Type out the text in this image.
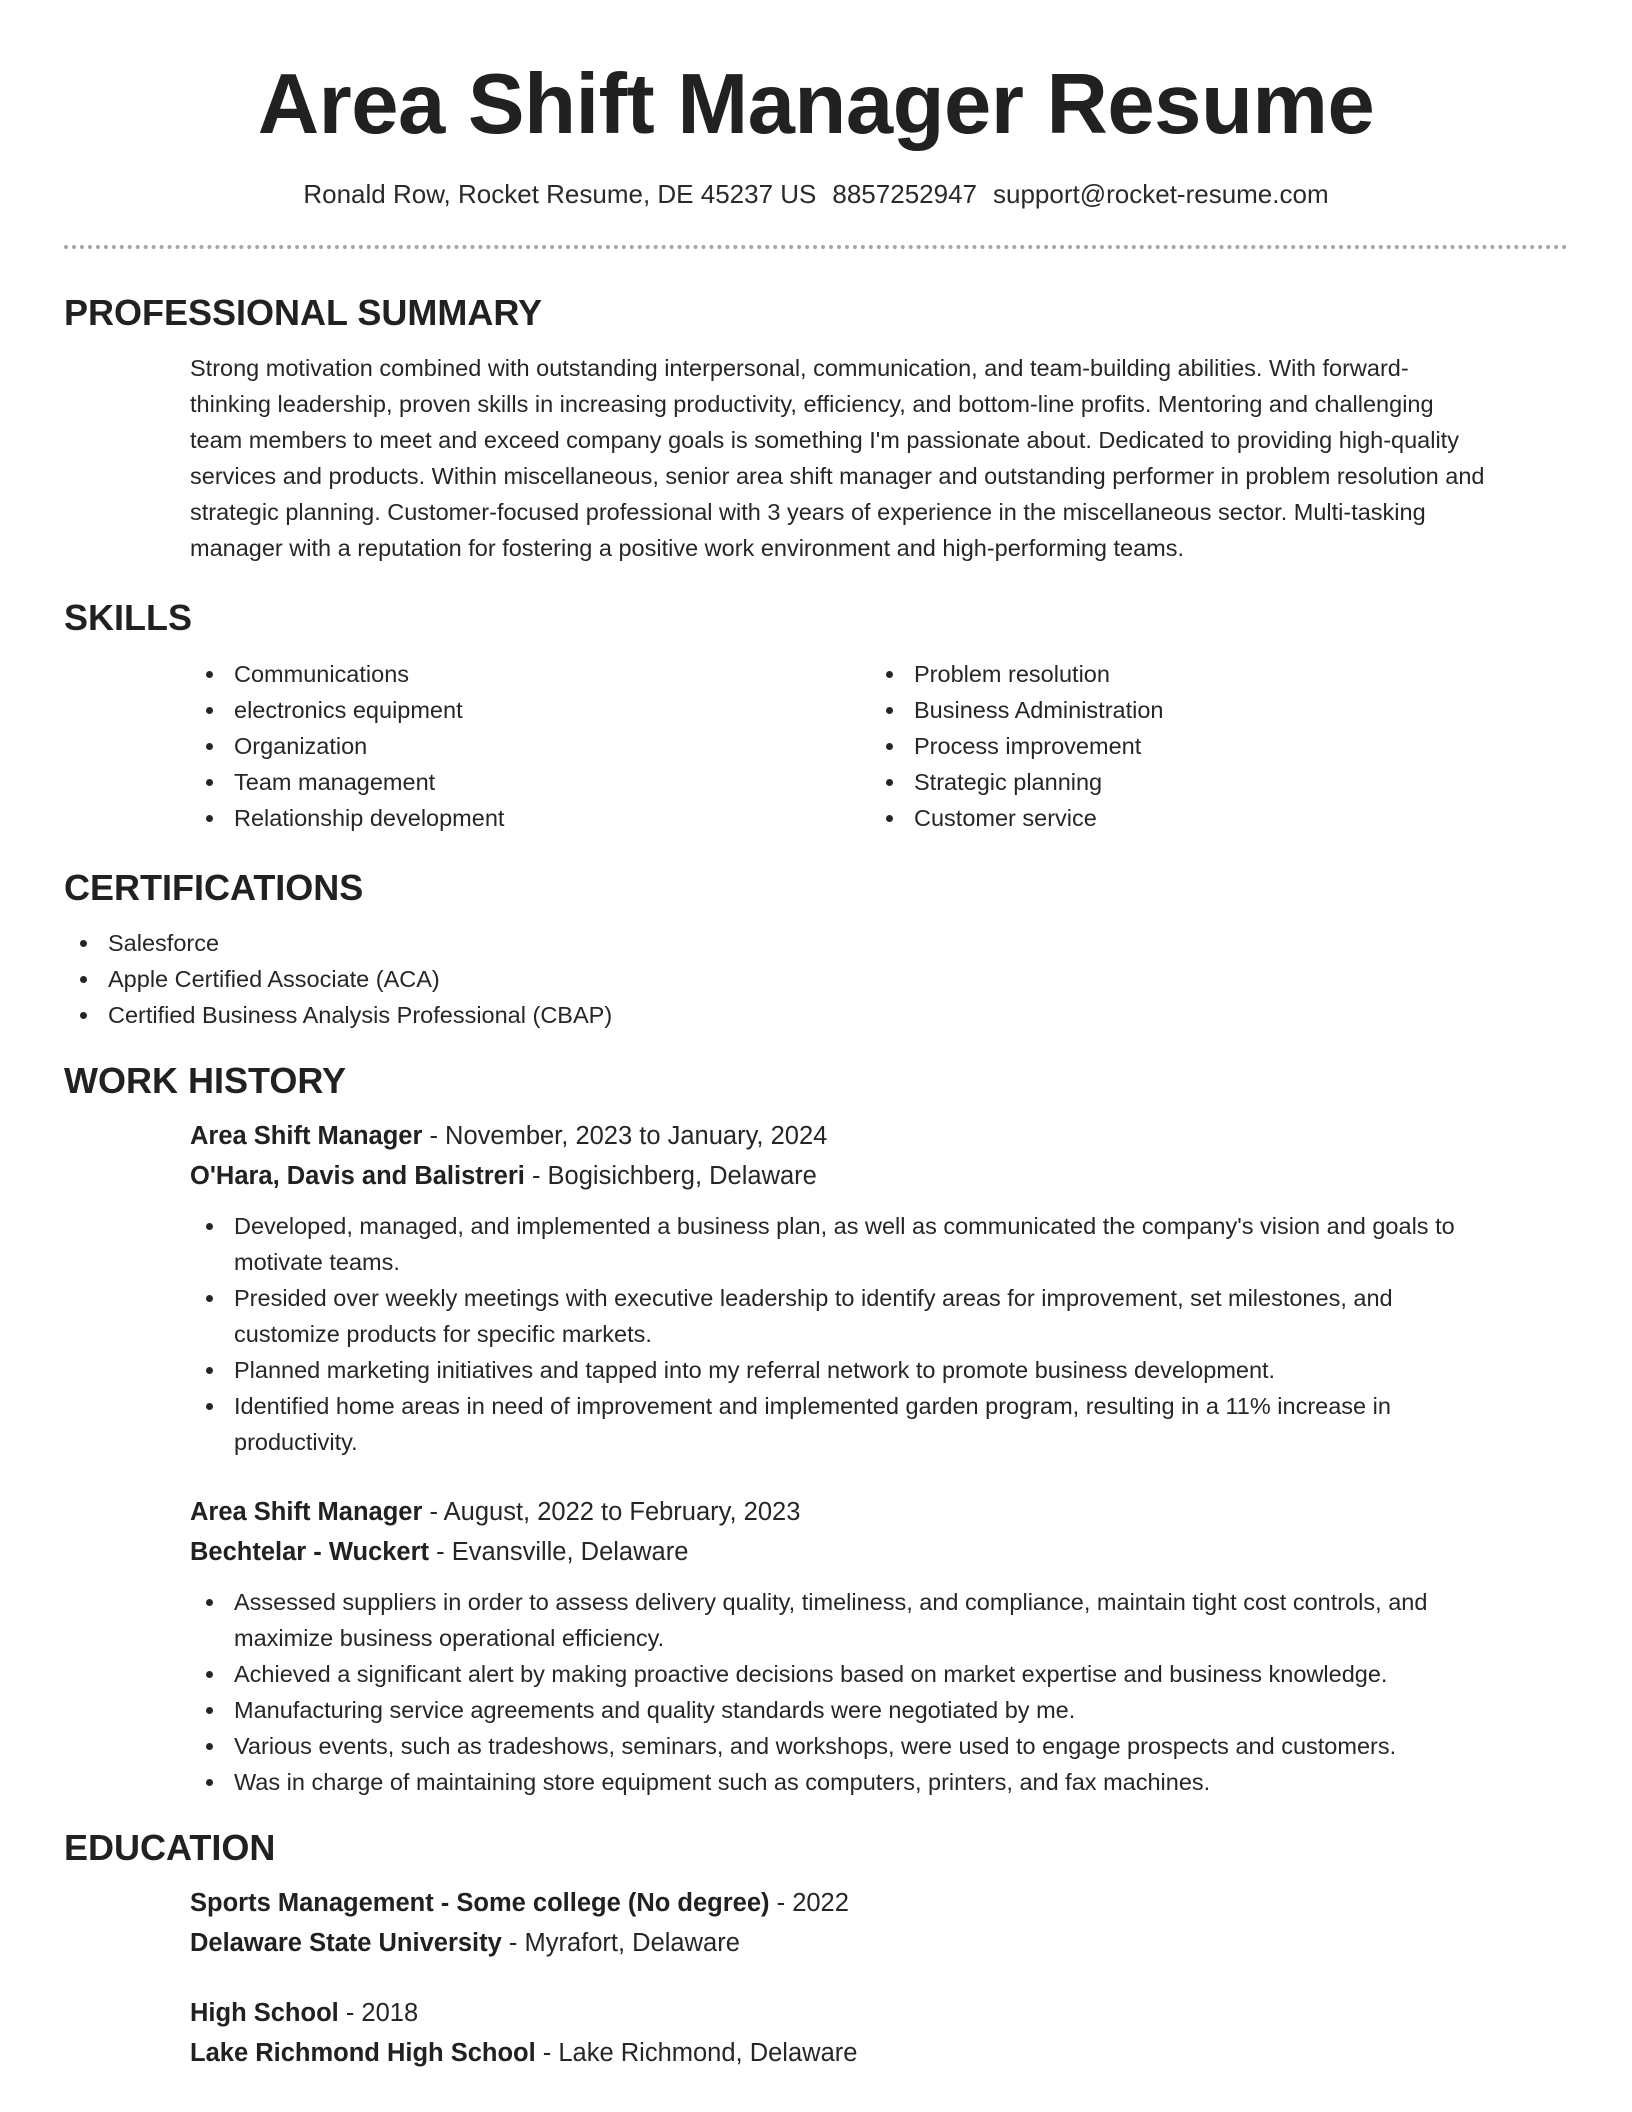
Area Shift Manager Resume
Ronald Row, Rocket Resume, DE 45237 US 8857252947 support@rocket-resume.com
PROFESSIONAL SUMMARY
Strong motivation combined with outstanding interpersonal, communication, and team-building abilities. With forward-
thinking leadership, proven skills in increasing productivity, efficiency, and bottom-line profits. Mentoring and challenging
team members to meet and exceed company goals is something I'm passionate about. Dedicated to providing high-quality
services and products. Within miscellaneous, senior area shift manager and outstanding performer in problem resolution and
strategic planning. Customer-focused professional with 3 years of experience in the miscellaneous sector. Multi-tasking
manager with a reputation for fostering a positive work environment and high-performing teams.
SKILLS
Communications
electronics equipment
Organization
Team management
Relationship development
Problem resolution
Business Administration
Process improvement
Strategic planning
Customer service
CERTIFICATIONS
Salesforce
Apple Certified Associate (ACA)
Certified Business Analysis Professional (CBAP)
WORK HISTORY
Area Shift Manager - November, 2023 to January, 2024
O'Hara, Davis and Balistreri - Bogisichberg, Delaware
Developed, managed, and implemented a business plan, as well as communicated the company's vision and goals to
motivate teams.
Presided over weekly meetings with executive leadership to identify areas for improvement, set milestones, and
customize products for specific markets.
Planned marketing initiatives and tapped into my referral network to promote business development.
Identified home areas in need of improvement and implemented garden program, resulting in a 11% increase in
productivity.
Area Shift Manager - August, 2022 to February, 2023
Bechtelar - Wuckert - Evansville, Delaware
Assessed suppliers in order to assess delivery quality, timeliness, and compliance, maintain tight cost controls, and
maximize business operational efficiency.
Achieved a significant alert by making proactive decisions based on market expertise and business knowledge.
Manufacturing service agreements and quality standards were negotiated by me.
Various events, such as tradeshows, seminars, and workshops, were used to engage prospects and customers.
Was in charge of maintaining store equipment such as computers, printers, and fax machines.
EDUCATION
Sports Management - Some college (No degree) - 2022
Delaware State University - Myrafort, Delaware
High School - 2018
Lake Richmond High School - Lake Richmond, Delaware
